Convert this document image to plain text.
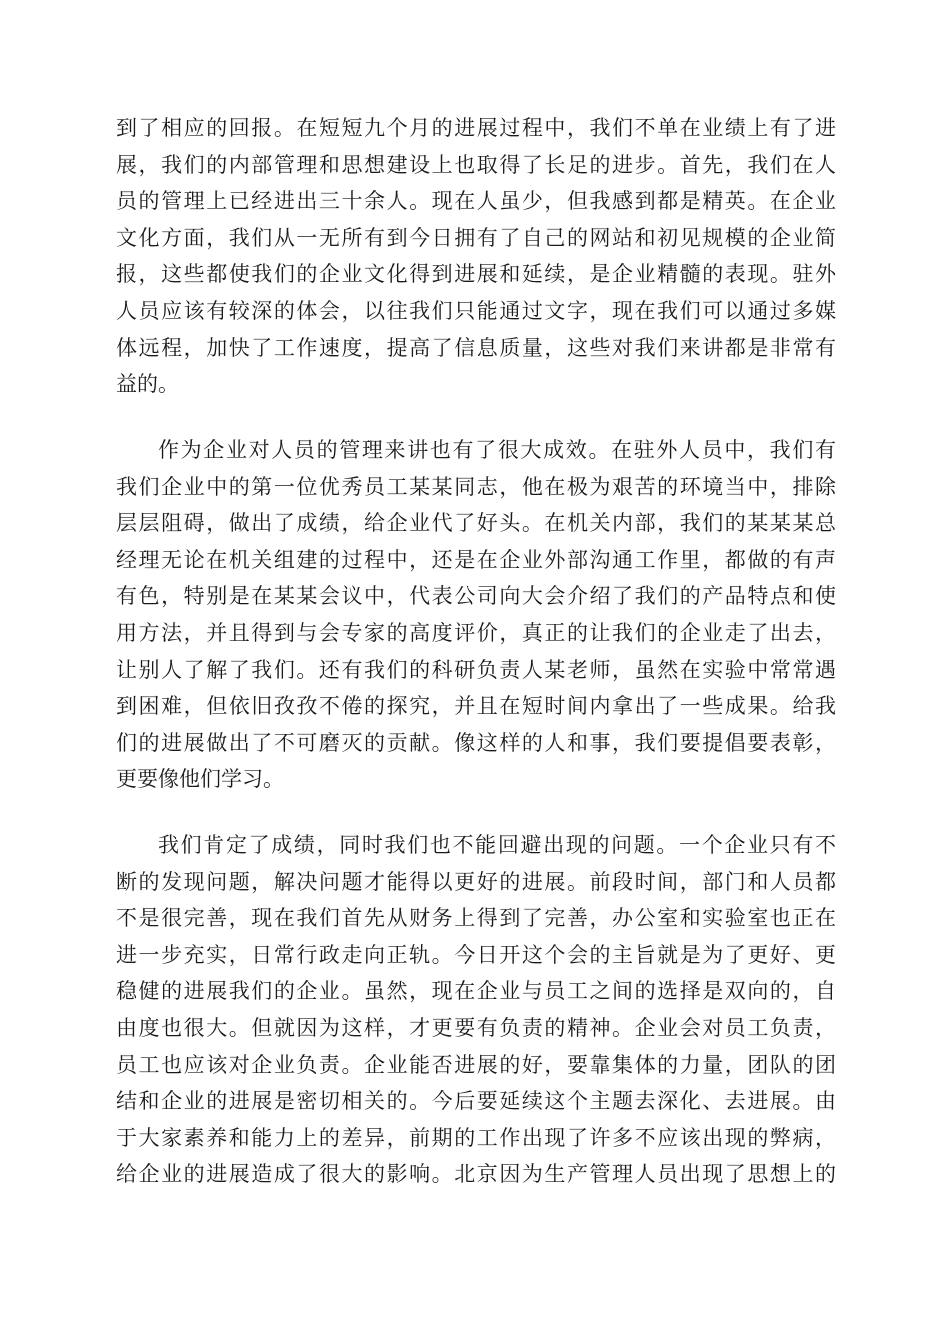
到了相应的回报。在短短九个月的进展过程中，我们不单在业绩上有了进
展，我们的内部管理和思想建设上也取得了长足的进步。首先，我们在人
员的管理上已经进出三十余人。现在人虽少，但我感到都是精英。在企业
文化方面，我们从一无所有到今日拥有了自己的网站和初见规模的企业简
报，这些都使我们的企业文化得到进展和延续，是企业精髓的表现。驻外
人员应该有较深的体会，以往我们只能通过文字，现在我们可以通过多媒
体远程，加快了工作速度，提高了信息质量，这些对我们来讲都是非常有
益的。
作为企业对人员的管理来讲也有了很大成效。在驻外人员中，我们有
我们企业中的第一位优秀员工某某同志，他在极为艰苦的环境当中，排除
层层阻碍，做出了成绩，给企业代了好头。在机关内部，我们的某某某总
经理无论在机关组建的过程中，还是在企业外部沟通工作里，都做的有声
有色，特别是在某某会议中，代表公司向大会介绍了我们的产品特点和使
用方法，并且得到与会专家的高度评价，真正的让我们的企业走了出去，
让别人了解了我们。还有我们的科研负责人某老师，虽然在实验中常常遇
到困难，但依旧孜孜不倦的探究，并且在短时间内拿出了一些成果。给我
们的进展做出了不可磨灭的贡献。像这样的人和事，我们要提倡要表彰，
更要像他们学习。
我们肯定了成绩，同时我们也不能回避出现的问题。一个企业只有不
断的发现问题，解决问题才能得以更好的进展。前段时间，部门和人员都
不是很完善，现在我们首先从财务上得到了完善，办公室和实验室也正在
进一步充实，日常行政走向正轨。今日开这个会的主旨就是为了更好、更
稳健的进展我们的企业。虽然，现在企业与员工之间的选择是双向的，自
由度也很大。但就因为这样，才更要有负责的精神。企业会对员工负责，
员工也应该对企业负责。企业能否进展的好，要靠集体的力量，团队的团
结和企业的进展是密切相关的。今后要延续这个主题去深化、去进展。由
于大家素养和能力上的差异，前期的工作出现了许多不应该出现的弊病，
给企业的进展造成了很大的影响。北京因为生产管理人员出现了思想上的
